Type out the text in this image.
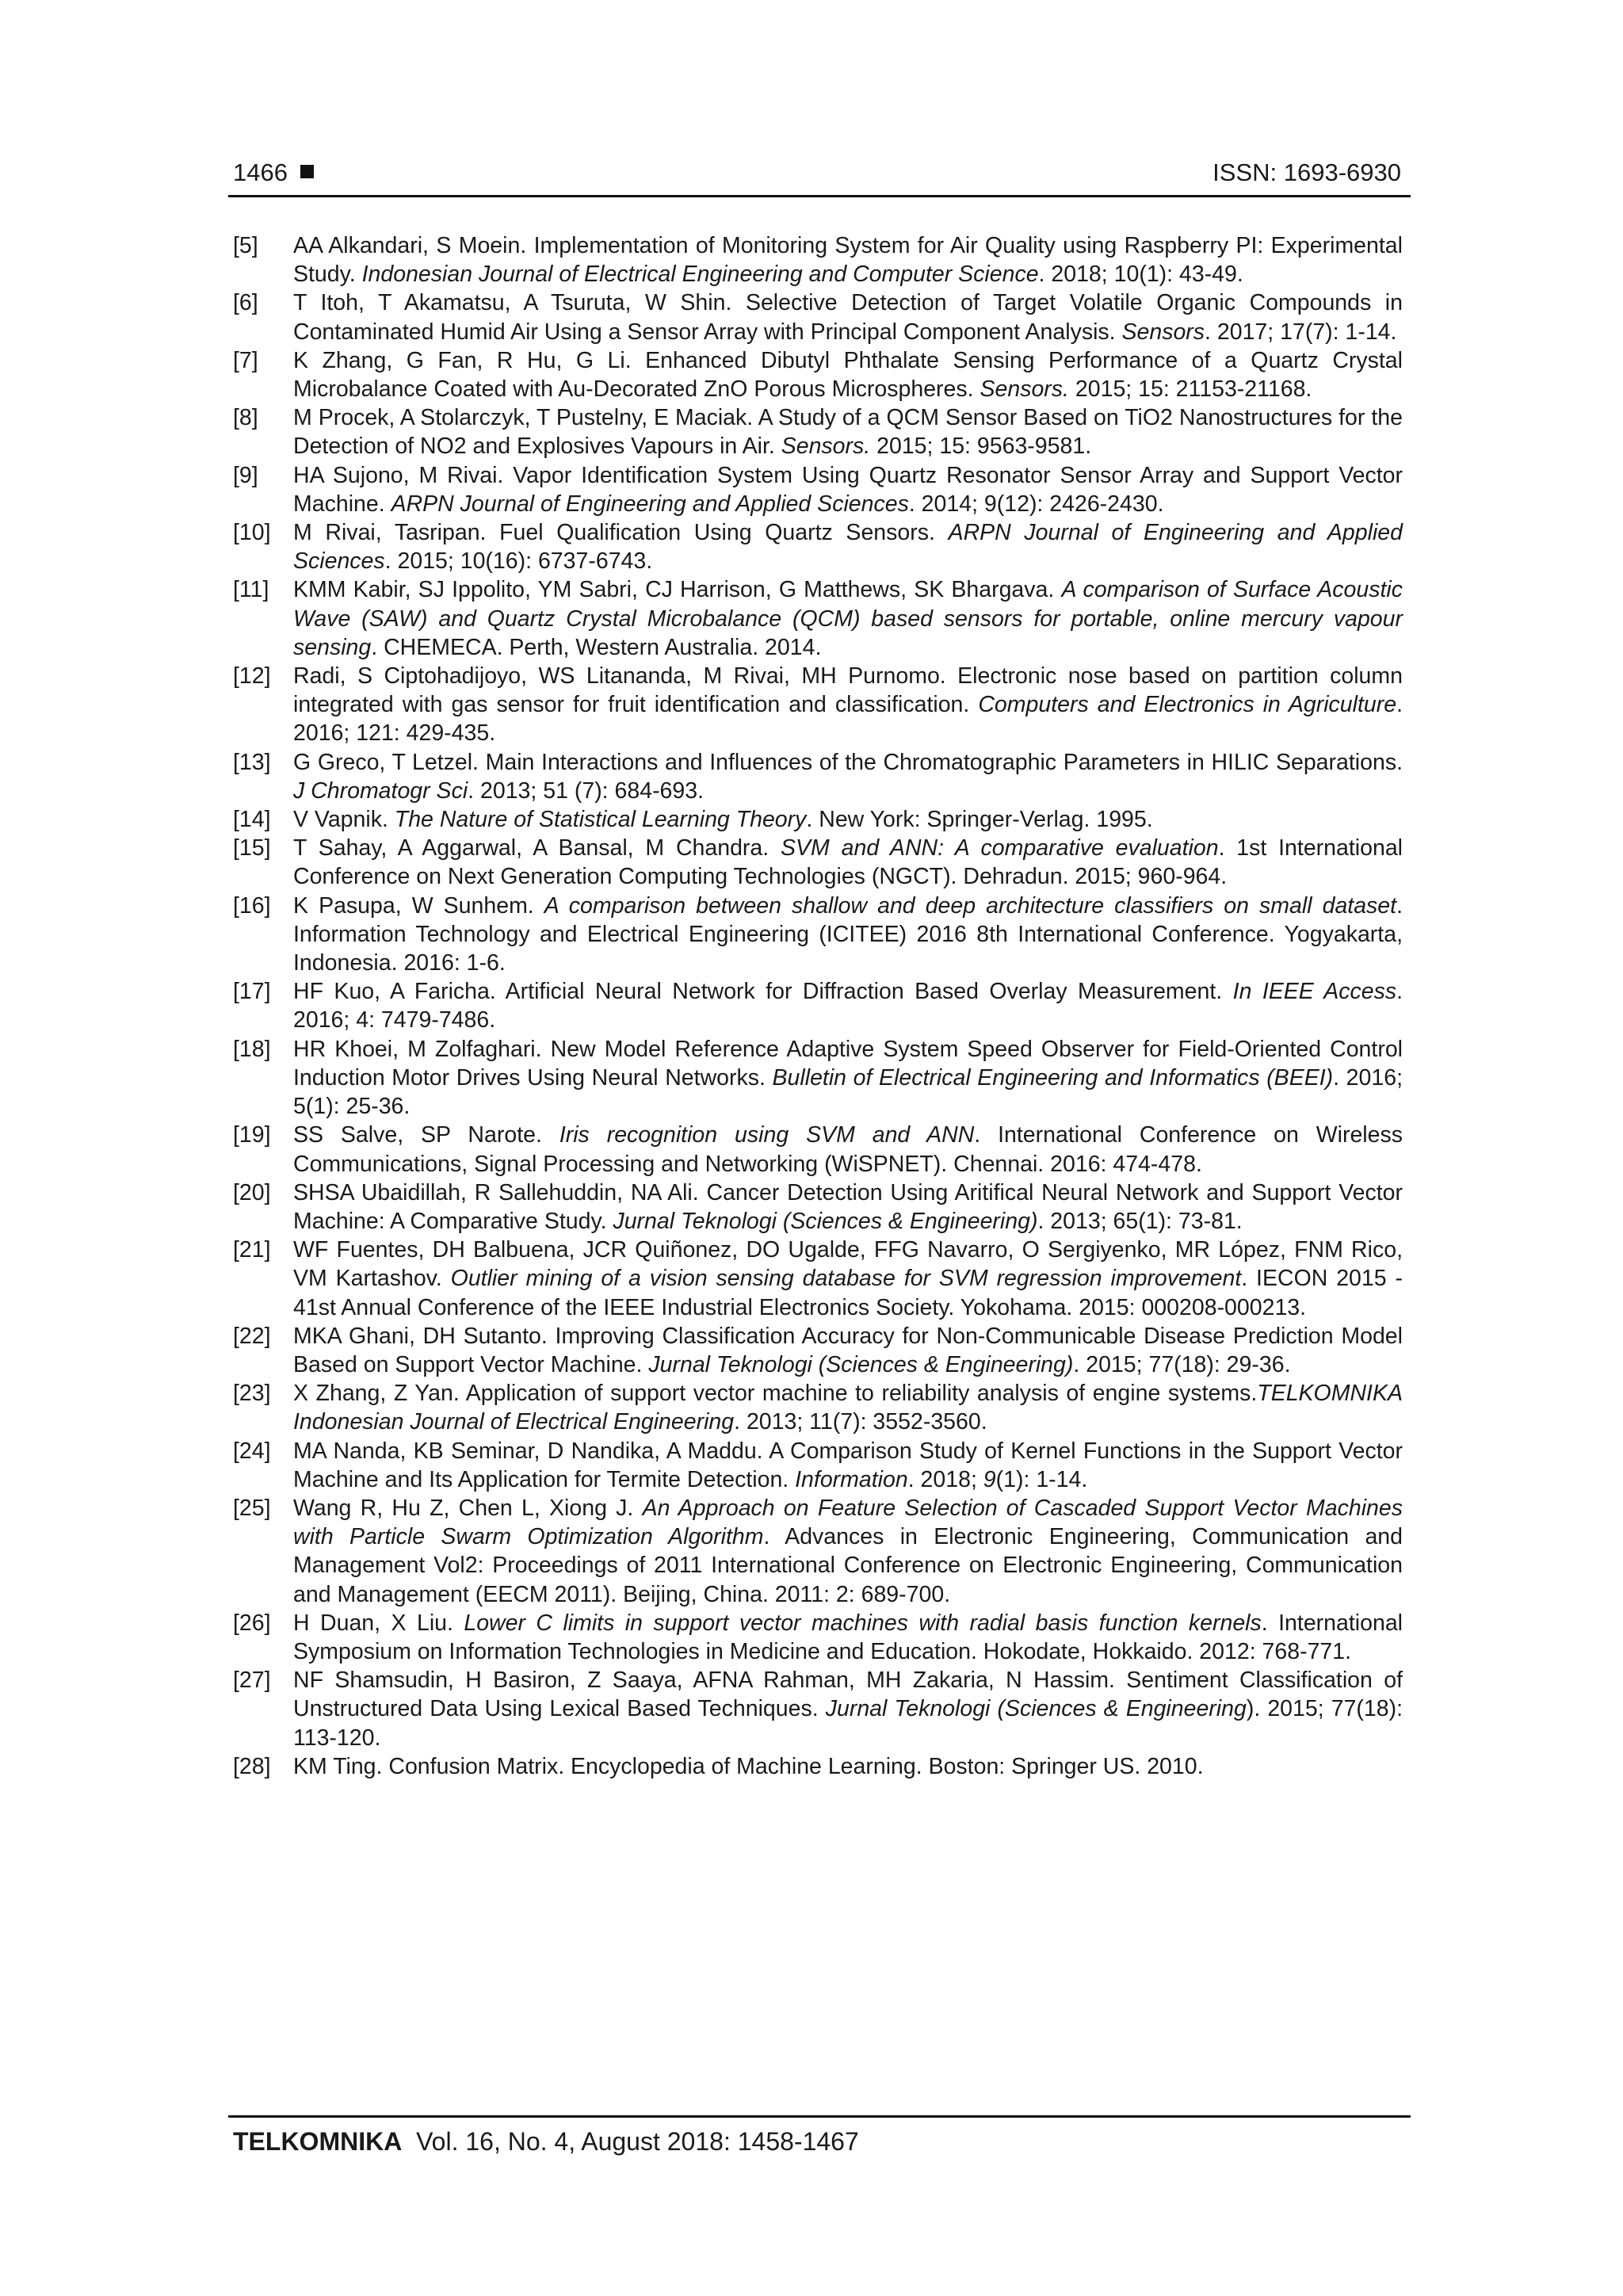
1466	ISSN: 1693-6930
[5] AA Alkandari, S Moein. Implementation of Monitoring System for Air Quality using Raspberry PI: Experimental Study. Indonesian Journal of Electrical Engineering and Computer Science. 2018; 10(1): 43-49.
[6] T Itoh, T Akamatsu, A Tsuruta, W Shin. Selective Detection of Target Volatile Organic Compounds in Contaminated Humid Air Using a Sensor Array with Principal Component Analysis. Sensors. 2017; 17(7): 1-14.
[7] K Zhang, G Fan, R Hu, G Li. Enhanced Dibutyl Phthalate Sensing Performance of a Quartz Crystal Microbalance Coated with Au-Decorated ZnO Porous Microspheres. Sensors. 2015; 15: 21153-21168.
[8] M Procek, A Stolarczyk, T Pustelny, E Maciak. A Study of a QCM Sensor Based on TiO2 Nanostructures for the Detection of NO2 and Explosives Vapours in Air. Sensors. 2015; 15: 9563-9581.
[9] HA Sujono, M Rivai. Vapor Identification System Using Quartz Resonator Sensor Array and Support Vector Machine. ARPN Journal of Engineering and Applied Sciences. 2014; 9(12): 2426-2430.
[10] M Rivai, Tasripan. Fuel Qualification Using Quartz Sensors. ARPN Journal of Engineering and Applied Sciences. 2015; 10(16): 6737-6743.
[11] KMM Kabir, SJ Ippolito, YM Sabri, CJ Harrison, G Matthews, SK Bhargava. A comparison of Surface Acoustic Wave (SAW) and Quartz Crystal Microbalance (QCM) based sensors for portable, online mercury vapour sensing. CHEMECA. Perth, Western Australia. 2014.
[12] Radi, S Ciptohadijoyo, WS Litananda, M Rivai, MH Purnomo. Electronic nose based on partition column integrated with gas sensor for fruit identification and classification. Computers and Electronics in Agriculture. 2016; 121: 429-435.
[13] G Greco, T Letzel. Main Interactions and Influences of the Chromatographic Parameters in HILIC Separations. J Chromatogr Sci. 2013; 51 (7): 684-693.
[14] V Vapnik. The Nature of Statistical Learning Theory. New York: Springer-Verlag. 1995.
[15] T Sahay, A Aggarwal, A Bansal, M Chandra. SVM and ANN: A comparative evaluation. 1st International Conference on Next Generation Computing Technologies (NGCT). Dehradun. 2015; 960-964.
[16] K Pasupa, W Sunhem. A comparison between shallow and deep architecture classifiers on small dataset. Information Technology and Electrical Engineering (ICITEE) 2016 8th International Conference. Yogyakarta, Indonesia. 2016: 1-6.
[17] HF Kuo, A Faricha. Artificial Neural Network for Diffraction Based Overlay Measurement. In IEEE Access. 2016; 4: 7479-7486.
[18] HR Khoei, M Zolfaghari. New Model Reference Adaptive System Speed Observer for Field-Oriented Control Induction Motor Drives Using Neural Networks. Bulletin of Electrical Engineering and Informatics (BEEI). 2016; 5(1): 25-36.
[19] SS Salve, SP Narote. Iris recognition using SVM and ANN. International Conference on Wireless Communications, Signal Processing and Networking (WiSPNET). Chennai. 2016: 474-478.
[20] SHSA Ubaidillah, R Sallehuddin, NA Ali. Cancer Detection Using Aritifical Neural Network and Support Vector Machine: A Comparative Study. Jurnal Teknologi (Sciences & Engineering). 2013; 65(1): 73-81.
[21] WF Fuentes, DH Balbuena, JCR Quiñonez, DO Ugalde, FFG Navarro, O Sergiyenko, MR López, FNM Rico, VM Kartashov. Outlier mining of a vision sensing database for SVM regression improvement. IECON 2015 - 41st Annual Conference of the IEEE Industrial Electronics Society. Yokohama. 2015: 000208-000213.
[22] MKA Ghani, DH Sutanto. Improving Classification Accuracy for Non-Communicable Disease Prediction Model Based on Support Vector Machine. Jurnal Teknologi (Sciences & Engineering). 2015; 77(18): 29-36.
[23] X Zhang, Z Yan. Application of support vector machine to reliability analysis of engine systems.TELKOMNIKA Indonesian Journal of Electrical Engineering. 2013; 11(7): 3552-3560.
[24] MA Nanda, KB Seminar, D Nandika, A Maddu. A Comparison Study of Kernel Functions in the Support Vector Machine and Its Application for Termite Detection. Information. 2018; 9(1): 1-14.
[25] Wang R, Hu Z, Chen L, Xiong J. An Approach on Feature Selection of Cascaded Support Vector Machines with Particle Swarm Optimization Algorithm. Advances in Electronic Engineering, Communication and Management Vol2: Proceedings of 2011 International Conference on Electronic Engineering, Communication and Management (EECM 2011). Beijing, China. 2011: 2: 689-700.
[26] H Duan, X Liu. Lower C limits in support vector machines with radial basis function kernels. International Symposium on Information Technologies in Medicine and Education. Hokodate, Hokkaido. 2012: 768-771.
[27] NF Shamsudin, H Basiron, Z Saaya, AFNA Rahman, MH Zakaria, N Hassim. Sentiment Classification of Unstructured Data Using Lexical Based Techniques. Jurnal Teknologi (Sciences & Engineering). 2015; 77(18): 113-120.
[28] KM Ting. Confusion Matrix. Encyclopedia of Machine Learning. Boston: Springer US. 2010.
TELKOMNIKA Vol. 16, No. 4, August 2018: 1458-1467
